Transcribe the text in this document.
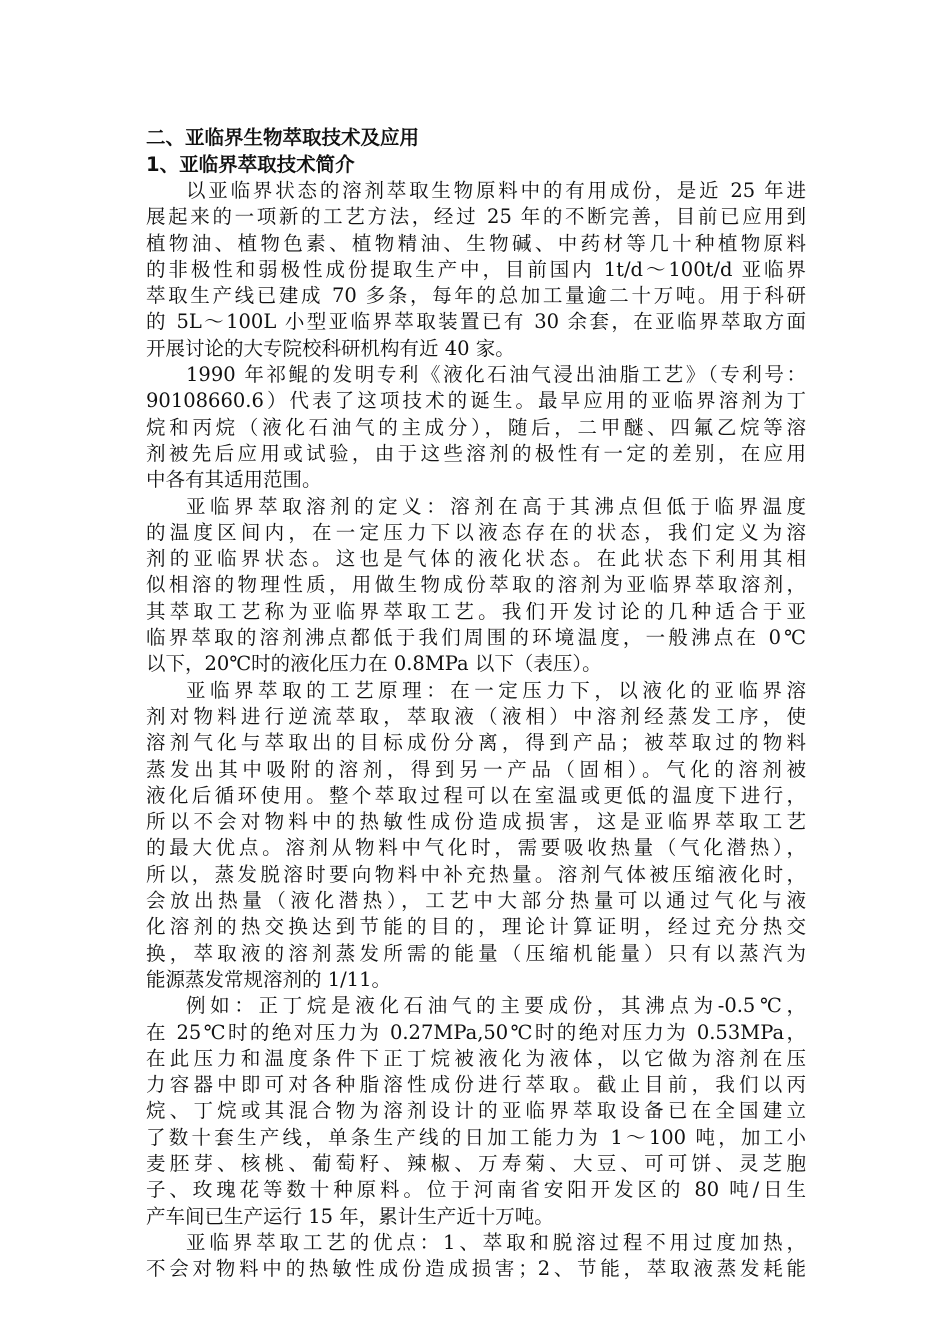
二、亚临界生物萃取技术及应用
1、亚临界萃取技术简介
以亚临界状态的溶剂萃取生物原料中的有用成份，是近 25 年进
展起来的一项新的工艺方法，经过 25 年的不断完善，目前已应用到
植物油、植物色素、植物精油、生物碱、中药材等几十种植物原料
的非极性和弱极性成份提取生产中，目前国内 1t/d～100t/d 亚临界
萃取生产线已建成 70 多条，每年的总加工量逾二十万吨。用于科研
的 5L～100L 小型亚临界萃取装置已有 30 余套，在亚临界萃取方面
开展讨论的大专院校科研机构有近 40 家。
1990 年祁鲲的发明专利《液化石油气浸出油脂工艺》（专利号：
90108660.6）代表了这项技术的诞生。最早应用的亚临界溶剂为丁
烷和丙烷（液化石油气的主成分），随后，二甲醚、四氟乙烷等溶
剂被先后应用或试验，由于这些溶剂的极性有一定的差别，在应用
中各有其适用范围。
亚临界萃取溶剂的定义：溶剂在高于其沸点但低于临界温度
的温度区间内，在一定压力下以液态存在的状态，我们定义为溶
剂的亚临界状态。这也是气体的液化状态。在此状态下利用其相
似相溶的物理性质，用做生物成份萃取的溶剂为亚临界萃取溶剂，
其萃取工艺称为亚临界萃取工艺。我们开发讨论的几种适合于亚
临界萃取的溶剂沸点都低于我们周围的环境温度，一般沸点在 0℃
以下，20℃时的液化压力在 0.8MPa 以下（表压）。
亚临界萃取的工艺原理：在一定压力下，以液化的亚临界溶
剂对物料进行逆流萃取，萃取液（液相）中溶剂经蒸发工序，使
溶剂气化与萃取出的目标成份分离，得到产品；被萃取过的物料
蒸发出其中吸附的溶剂，得到另一产品（固相）。气化的溶剂被
液化后循环使用。整个萃取过程可以在室温或更低的温度下进行，
所以不会对物料中的热敏性成份造成损害，这是亚临界萃取工艺
的最大优点。溶剂从物料中气化时，需要吸收热量（气化潜热），
所以，蒸发脱溶时要向物料中补充热量。溶剂气体被压缩液化时，
会放出热量（液化潜热），工艺中大部分热量可以通过气化与液
化溶剂的热交换达到节能的目的，理论计算证明，经过充分热交
换，萃取液的溶剂蒸发所需的能量（压缩机能量）只有以蒸汽为
能源蒸发常规溶剂的 1/11。
例如：正丁烷是液化石油气的主要成份，其沸点为-0.5℃，
在 25℃时的绝对压力为 0.27MPa,50℃时的绝对压力为 0.53MPa，
在此压力和温度条件下正丁烷被液化为液体，以它做为溶剂在压
力容器中即可对各种脂溶性成份进行萃取。截止目前，我们以丙
烷、丁烷或其混合物为溶剂设计的亚临界萃取设备已在全国建立
了数十套生产线，单条生产线的日加工能力为 1～100 吨，加工小
麦胚芽、核桃、葡萄籽、辣椒、万寿菊、大豆、可可饼、灵芝胞
子、玫瑰花等数十种原料。位于河南省安阳开发区的 80 吨/日生
产车间已生产运行 15 年，累计生产近十万吨。
亚临界萃取工艺的优点：1、萃取和脱溶过程不用过度加热，
不会对物料中的热敏性成份造成损害；2、节能，萃取液蒸发耗能
